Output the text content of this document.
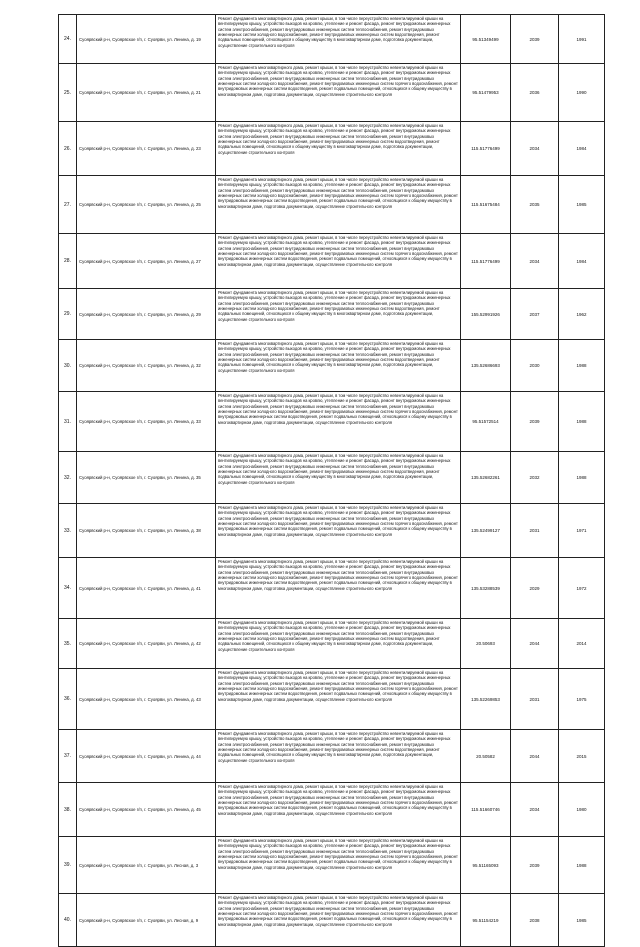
24.	Суоярвский р-н, Суоярвское г/п, г. Суоярви, ул. Ленина, д. 19	Ремонт фундамента многоквартирного дома, ремонт крыши, в том числе переустройство невентилируемой крыши на вентилируемую крышу, устройство выходов на кровлю, утепление и ремонт фасада, ремонт внутридомовых инженерных систем электроснабжения, ремонт внутридомовых инженерных систем теплоснабжения, ремонт внутридомовых инженерных систем холодного водоснабжения, ремонт внутридомовых инженерных систем водоотведения, ремонт подвальных помещений, относящихся к общему имуществу в многоквартирном доме, подготовка документации, осуществление строительного контроля	95.51349499	2039	1991
25.	Суоярвский р-н, Суоярвское г/п, г. Суоярви, ул. Ленина, д. 21	Ремонт фундамента многоквартирного дома, ремонт крыши, в том числе переустройство невентилируемой крыши на вентилируемую крышу, устройство выходов на кровлю, утепление и ремонт фасада, ремонт внутридомовых инженерных систем электроснабжения, ремонт внутридомовых инженерных систем теплоснабжения, ремонт внутридомовых инженерных систем холодного водоснабжения, ремонт внутридомовых инженерных систем горячего водоснабжения, ремонт внутридомовых инженерных систем водоотведения, ремонт подвальных помещений, относящихся к общему имуществу в многоквартирном доме, подготовка документации, осуществление строительного контроля	95.51479953	2036	1990
26.	Суоярвский р-н, Суоярвское г/п, г. Суоярви, ул. Ленина, д. 23	Ремонт фундамента многоквартирного дома, ремонт крыши, в том числе переустройство невентилируемой крыши на вентилируемую крышу, устройство выходов на кровлю, утепление и ремонт фасада, ремонт внутридомовых инженерных систем электроснабжения, ремонт внутридомовых инженерных систем теплоснабжения, ремонт внутридомовых инженерных систем холодного водоснабжения, ремонт внутридомовых инженерных систем водоотведения, ремонт подвальных помещений, относящихся к общему имуществу в многоквартирном доме, подготовка документации, осуществление строительного контроля	115.51776499	2034	1984
27.	Суоярвский р-н, Суоярвское г/п, г. Суоярви, ул. Ленина, д. 25	Ремонт фундамента многоквартирного дома, ремонт крыши, в том числе переустройство невентилируемой крыши на вентилируемую крышу, устройство выходов на кровлю, утепление и ремонт фасада, ремонт внутридомовых инженерных систем электроснабжения, ремонт внутридомовых инженерных систем теплоснабжения, ремонт внутридомовых инженерных систем холодного водоснабжения, ремонт внутридомовых инженерных систем горячего водоснабжения, ремонт внутридомовых инженерных систем водоотведения, ремонт подвальных помещений, относящихся к общему имуществу в многоквартирном доме, подготовка документации, осуществление строительного контроля	115.51675484	2035	1985
28.	Суоярвский р-н, Суоярвское г/п, г. Суоярви, ул. Ленина, д. 27	Ремонт фундамента многоквартирного дома, ремонт крыши, в том числе переустройство невентилируемой крыши на вентилируемую крышу, устройство выходов на кровлю, утепление и ремонт фасада, ремонт внутридомовых инженерных систем электроснабжения, ремонт внутридомовых инженерных систем теплоснабжения, ремонт внутридомовых инженерных систем холодного водоснабжения, ремонт внутридомовых инженерных систем горячего водоснабжения, ремонт внутридомовых инженерных систем водоотведения, ремонт подвальных помещений, относящихся к общему имуществу в многоквартирном доме, подготовка документации, осуществление строительного контроля	115.51776499	2034	1984
29.	Суоярвский р-н, Суоярвское г/п, г. Суоярви, ул. Ленина, д. 29	Ремонт фундамента многоквартирного дома, ремонт крыши, в том числе переустройство невентилируемой крыши на вентилируемую крышу, устройство выходов на кровлю, утепление и ремонт фасада, ремонт внутридомовых инженерных систем электроснабжения, ремонт внутридомовых инженерных систем теплоснабжения, ремонт внутридомовых инженерных систем холодного водоснабжения, ремонт внутридомовых инженерных систем водоотведения, ремонт подвальных помещений, относящихся к общему имуществу в многоквартирном доме, подготовка документации, осуществление строительного контроля	155.52991926	2037	1962
30.	Суоярвский р-н, Суоярвское г/п, г. Суоярви, ул. Ленина, д. 32	Ремонт фундамента многоквартирного дома, ремонт крыши, в том числе переустройство невентилируемой крыши на вентилируемую крышу, устройство выходов на кровлю, утепление и ремонт фасада, ремонт внутридомовых инженерных систем электроснабжения, ремонт внутридомовых инженерных систем теплоснабжения, ремонт внутридомовых инженерных систем холодного водоснабжения, ремонт внутридомовых инженерных систем водоотведения, ремонт подвальных помещений, относящихся к общему имуществу в многоквартирном доме, подготовка документации, осуществление строительного контроля	135.52686693	2030	1988
31.	Суоярвский р-н, Суоярвское г/п, г. Суоярви, ул. Ленина, д. 33	Ремонт фундамента многоквартирного дома, ремонт крыши, в том числе переустройство невентилируемой крыши на вентилируемую крышу, устройство выходов на кровлю, утепление и ремонт фасада, ремонт внутридомовых инженерных систем электроснабжения, ремонт внутридомовых инженерных систем теплоснабжения, ремонт внутридомовых инженерных систем холодного водоснабжения, ремонт внутридомовых инженерных систем горячего водоснабжения, ремонт внутридомовых инженерных систем водоотведения, ремонт подвальных помещений, относящихся к общему имуществу в многоквартирном доме, подготовка документации, осуществление строительного контроля	95.51572514	2039	1988
32.	Суоярвский р-н, Суоярвское г/п, г. Суоярви, ул. Ленина, д. 35	Ремонт фундамента многоквартирного дома, ремонт крыши, в том числе переустройство невентилируемой крыши на вентилируемую крышу, устройство выходов на кровлю, утепление и ремонт фасада, ремонт внутридомовых инженерных систем электроснабжения, ремонт внутридомовых инженерных систем теплоснабжения, ремонт внутридомовых инженерных систем холодного водоснабжения, ремонт внутридомовых инженерных систем водоотведения, ремонт подвальных помещений, относящихся к общему имуществу в многоквартирном доме, подготовка документации, осуществление строительного контроля	135.52682261	2032	1988
33.	Суоярвский р-н, Суоярвское г/п, г. Суоярви, ул. Ленина, д. 38	Ремонт фундамента многоквартирного дома, ремонт крыши, в том числе переустройство невентилируемой крыши на вентилируемую крышу, устройство выходов на кровлю, утепление и ремонт фасада, ремонт внутридомовых инженерных систем электроснабжения, ремонт внутридомовых инженерных систем теплоснабжения, ремонт внутридомовых инженерных систем холодного водоснабжения, ремонт внутридомовых инженерных систем горячего водоснабжения, ремонт внутридомовых инженерных систем водоотведения, ремонт подвальных помещений, относящихся к общему имуществу в многоквартирном доме, подготовка документации, осуществление строительного контроля	135.52499127	2031	1971
34.	Суоярвский р-н, Суоярвское г/п, г. Суоярви, ул. Ленина, д. 41	Ремонт фундамента многоквартирного дома, ремонт крыши, в том числе переустройство невентилируемой крыши на вентилируемую крышу, устройство выходов на кровлю, утепление и ремонт фасада, ремонт внутридомовых инженерных систем электроснабжения, ремонт внутридомовых инженерных систем теплоснабжения, ремонт внутридомовых инженерных систем холодного водоснабжения, ремонт внутридомовых инженерных систем горячего водоснабжения, ремонт внутридомовых инженерных систем водоотведения, ремонт подвальных помещений, относящихся к общему имуществу в многоквартирном доме, подготовка документации, осуществление строительного контроля	135.53288539	2029	1972
35.	Суоярвский р-н, Суоярвское г/п, г. Суоярви, ул. Ленина, д. 42	Ремонт фундамента многоквартирного дома, ремонт крыши, в том числе переустройство невентилируемой крыши на вентилируемую крышу, устройство выходов на кровлю, утепление и ремонт фасада, ремонт внутридомовых инженерных систем электроснабжения, ремонт внутридомовых инженерных систем теплоснабжения, ремонт внутридомовых инженерных систем холодного водоснабжения, ремонт внутридомовых инженерных систем водоотведения, ремонт подвальных помещений, относящихся к общему имуществу в многоквартирном доме, подготовка документации, осуществление строительного контроля	20.50693	2044	2014
36.	Суоярвский р-н, Суоярвское г/п, г. Суоярви, ул. Ленина, д. 43	Ремонт фундамента многоквартирного дома, ремонт крыши, в том числе переустройство невентилируемой крыши на вентилируемую крышу, устройство выходов на кровлю, утепление и ремонт фасада, ремонт внутридомовых инженерных систем электроснабжения, ремонт внутридомовых инженерных систем теплоснабжения, ремонт внутридомовых инженерных систем холодного водоснабжения, ремонт внутридомовых инженерных систем горячего водоснабжения, ремонт внутридомовых инженерных систем водоотведения, ремонт подвальных помещений, относящихся к общему имуществу в многоквартирном доме, подготовка документации, осуществление строительного контроля	135.52269853	2031	1975
37.	Суоярвский р-н, Суоярвское г/п, г. Суоярви, ул. Ленина, д. 44	Ремонт фундамента многоквартирного дома, ремонт крыши, в том числе переустройство невентилируемой крыши на вентилируемую крышу, устройство выходов на кровлю, утепление и ремонт фасада, ремонт внутридомовых инженерных систем электроснабжения, ремонт внутридомовых инженерных систем теплоснабжения, ремонт внутридомовых инженерных систем холодного водоснабжения, ремонт внутридомовых инженерных систем водоотведения, ремонт подвальных помещений, относящихся к общему имуществу в многоквартирном доме, подготовка документации, осуществление строительного контроля	20.50582	2044	2015
38.	Суоярвский р-н, Суоярвское г/п, г. Суоярви, ул. Ленина, д. 45	Ремонт фундамента многоквартирного дома, ремонт крыши, в том числе переустройство невентилируемой крыши на вентилируемую крышу, устройство выходов на кровлю, утепление и ремонт фасада, ремонт внутридомовых инженерных систем электроснабжения, ремонт внутридомовых инженерных систем теплоснабжения, ремонт внутридомовых инженерных систем холодного водоснабжения, ремонт внутридомовых инженерных систем горячего водоснабжения, ремонт внутридомовых инженерных систем водоотведения, ремонт подвальных помещений, относящихся к общему имуществу в многоквартирном доме, подготовка документации, осуществление строительного контроля	115.51660746	2034	1980
39.	Суоярвский р-н, Суоярвское г/п, г. Суоярви, ул. Лесная, д. 3	Ремонт фундамента многоквартирного дома, ремонт крыши, в том числе переустройство невентилируемой крыши на вентилируемую крышу, устройство выходов на кровлю, утепление и ремонт фасада, ремонт внутридомовых инженерных систем электроснабжения, ремонт внутридомовых инженерных систем теплоснабжения, ремонт внутридомовых инженерных систем холодного водоснабжения, ремонт внутридомовых инженерных систем горячего водоснабжения, ремонт внутридомовых инженерных систем водоотведения, ремонт подвальных помещений, относящихся к общему имуществу в многоквартирном доме, подготовка документации, осуществление строительного контроля	95.51165093	2039	1988
40.	Суоярвский р-н, Суоярвское г/п, г. Суоярви, ул. Лесная, д. 9	Ремонт фундамента многоквартирного дома, ремонт крыши, в том числе переустройство невентилируемой крыши на вентилируемую крышу, устройство выходов на кровлю, утепление и ремонт фасада, ремонт внутридомовых инженерных систем электроснабжения, ремонт внутридомовых инженерных систем теплоснабжения, ремонт внутридомовых инженерных систем холодного водоснабжения, ремонт внутридомовых инженерных систем горячего водоснабжения, ремонт внутридомовых инженерных систем водоотведения, ремонт подвальных помещений, относящихся к общему имуществу в многоквартирном доме, подготовка документации, осуществление строительного контроля	95.51154219	2038	1985
